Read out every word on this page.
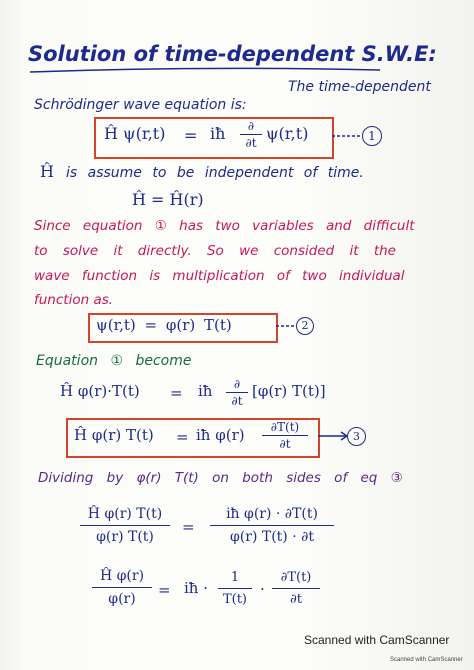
Solution of time-dependent S.W.E:
The time-dependent
Schrödinger wave equation is:
Ĥ ψ(r,t) = iħ	∂
∂t ψ(r,t)	1
Ĥ is assume to be independent of time.
Ĥ = Ĥ(r)
Since equation ① has two variables and difficult
to solve it directly. So we consided it the
wave function is multiplication of two individual
function as.
ψ(r,t) = φ(r) T(t)	2
Equation ① become
Ĥ φ(r)·T(t) = iħ	∂
∂t
[φ(r) T(t)]
Ĥ φ(r) T(t) = iħ φ(r)	∂T(t)
∂t
3
Dividing by φ(r) T(t) on both sides of eq ③
Ĥ φ(r) T(t)
φ(r) T(t)
=
iħ φ(r) · ∂T(t)
φ(r) T(t) · ∂t
Ĥ φ(r)
φ(r)	= iħ ·
1
T(t)
·
∂T(t)
∂t
Scanned with CamScanner
Scanned with CamScanner
